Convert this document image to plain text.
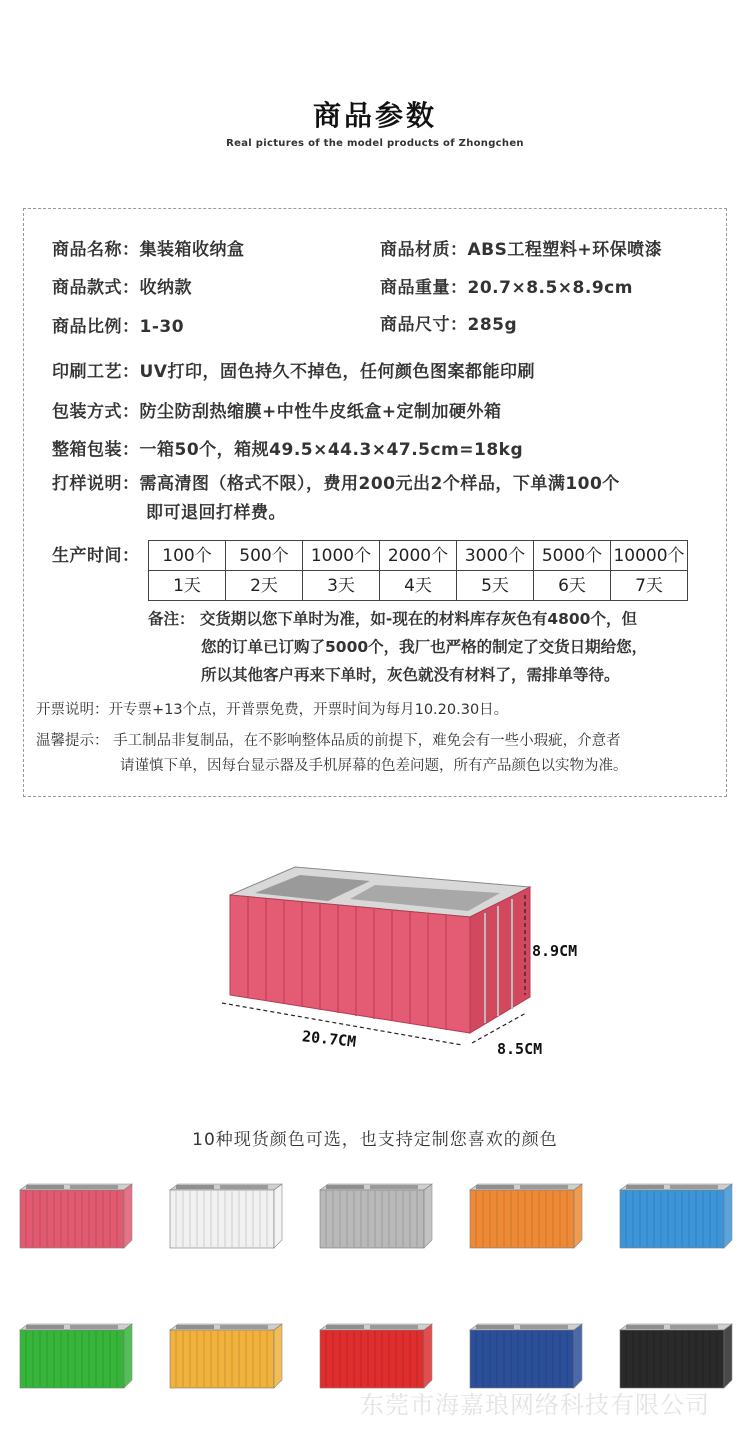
商品参数
Real pictures of the model products of Zhongchen
商品名称：集装箱收纳盒	商品材质：ABS工程塑料+环保喷漆
商品款式：收纳款	商品重量：20.7×8.5×8.9cm
商品比例：1-30	商品尺寸：285g
印刷工艺：UV打印，固色持久不掉色，任何颜色图案都能印刷
包装方式：防尘防刮热缩膜+中性牛皮纸盒+定制加硬外箱
整箱包装：一箱50个，箱规49.5×44.3×47.5cm=18kg
打样说明：需高清图（格式不限），费用200元出2个样品，下单满100个
即可退回打样费。
生产时间： 100个	500个	1000个	2000个	3000个	5000个	10000个
1天	2天	3天	4天	5天	6天	7天
备注： 交货期以您下单时为准，如-现在的材料库存灰色有4800个，但
您的订单已订购了5000个，我厂也严格的制定了交货日期给您，
所以其他客户再来下单时，灰色就没有材料了，需排单等待。
开票说明：开专票+13个点，开普票免费，开票时间为每月10.20.30日。
温馨提示： 手工制品非复制品，在不影响整体品质的前提下，难免会有一些小瑕疵，介意者
请谨慎下单，因每台显示器及手机屏幕的色差问题，所有产品颜色以实物为准。
8.9CM
20.7CM	8.5CM
10种现货颜色可选，也支持定制您喜欢的颜色
东莞市海嘉琅网络科技有限公司
